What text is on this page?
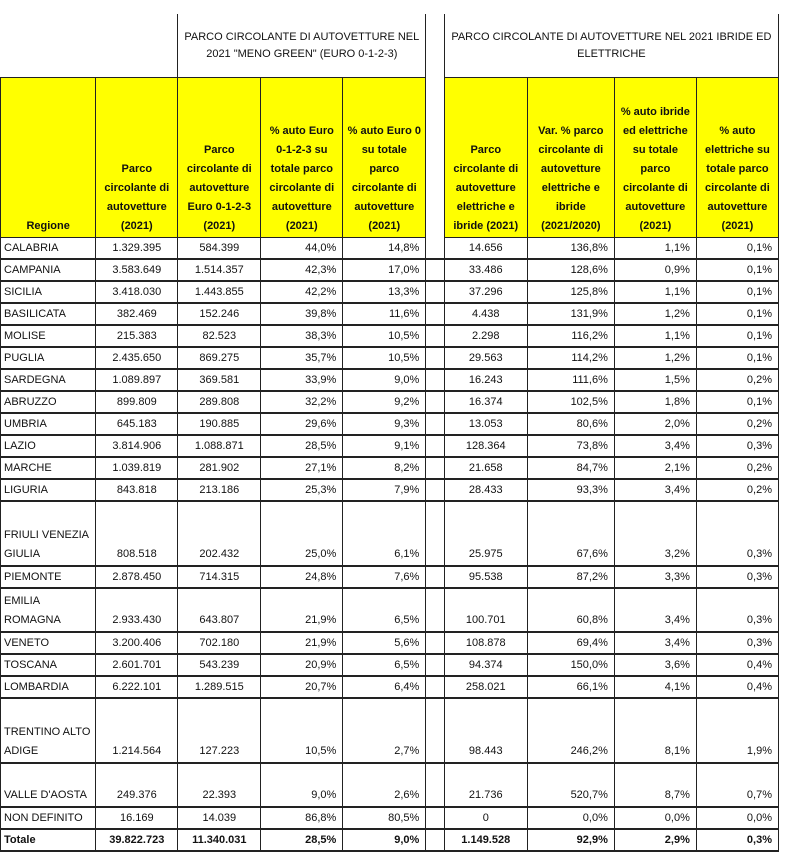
		PARCO CIRCOLANTE DI AUTOVETTURE NEL 2021 "MENO GREEN" (EURO 0-1-2-3)				PARCO CIRCOLANTE DI AUTOVETTURE NEL 2021 IBRIDE ED ELETTRICHE			
Regione	Parco circolante di autovetture (2021)	Parco circolante di autovetture Euro 0-1-2-3 (2021)	% auto Euro 0-1-2-3 su totale parco circolante di autovetture (2021)	% auto Euro 0 su totale parco circolante di autovetture (2021)		Parco circolante di autovetture elettriche e ibride (2021)	Var. % parco circolante di autovetture elettriche e ibride (2021/2020)	% auto ibride ed elettriche su totale parco circolante di autovetture (2021)	% auto elettriche su totale parco circolante di autovetture (2021)
CALABRIA	1.329.395	584.399	44,0%	14,8%		14.656	136,8%	1,1%	0,1%
CAMPANIA	3.583.649	1.514.357	42,3%	17,0%		33.486	128,6%	0,9%	0,1%
SICILIA	3.418.030	1.443.855	42,2%	13,3%		37.296	125,8%	1,1%	0,1%
BASILICATA	382.469	152.246	39,8%	11,6%		4.438	131,9%	1,2%	0,1%
MOLISE	215.383	82.523	38,3%	10,5%		2.298	116,2%	1,1%	0,1%
PUGLIA	2.435.650	869.275	35,7%	10,5%		29.563	114,2%	1,2%	0,1%
SARDEGNA	1.089.897	369.581	33,9%	9,0%		16.243	111,6%	1,5%	0,2%
ABRUZZO	899.809	289.808	32,2%	9,2%		16.374	102,5%	1,8%	0,1%
UMBRIA	645.183	190.885	29,6%	9,3%		13.053	80,6%	2,0%	0,2%
LAZIO	3.814.906	1.088.871	28,5%	9,1%		128.364	73,8%	3,4%	0,3%
MARCHE	1.039.819	281.902	27,1%	8,2%		21.658	84,7%	2,1%	0,2%
LIGURIA	843.818	213.186	25,3%	7,9%		28.433	93,3%	3,4%	0,2%
FRIULI VENEZIA GIULIA	808.518	202.432	25,0%	6,1%		25.975	67,6%	3,2%	0,3%
PIEMONTE	2.878.450	714.315	24,8%	7,6%		95.538	87,2%	3,3%	0,3%
EMILIA ROMAGNA	2.933.430	643.807	21,9%	6,5%		100.701	60,8%	3,4%	0,3%
VENETO	3.200.406	702.180	21,9%	5,6%		108.878	69,4%	3,4%	0,3%
TOSCANA	2.601.701	543.239	20,9%	6,5%		94.374	150,0%	3,6%	0,4%
LOMBARDIA	6.222.101	1.289.515	20,7%	6,4%		258.021	66,1%	4,1%	0,4%
TRENTINO ALTO ADIGE	1.214.564	127.223	10,5%	2,7%		98.443	246,2%	8,1%	1,9%
VALLE D'AOSTA	249.376	22.393	9,0%	2,6%		21.736	520,7%	8,7%	0,7%
NON DEFINITO	16.169	14.039	86,8%	80,5%		0	0,0%	0,0%	0,0%
Totale	39.822.723	11.340.031	28,5%	9,0%		1.149.528	92,9%	2,9%	0,3%
